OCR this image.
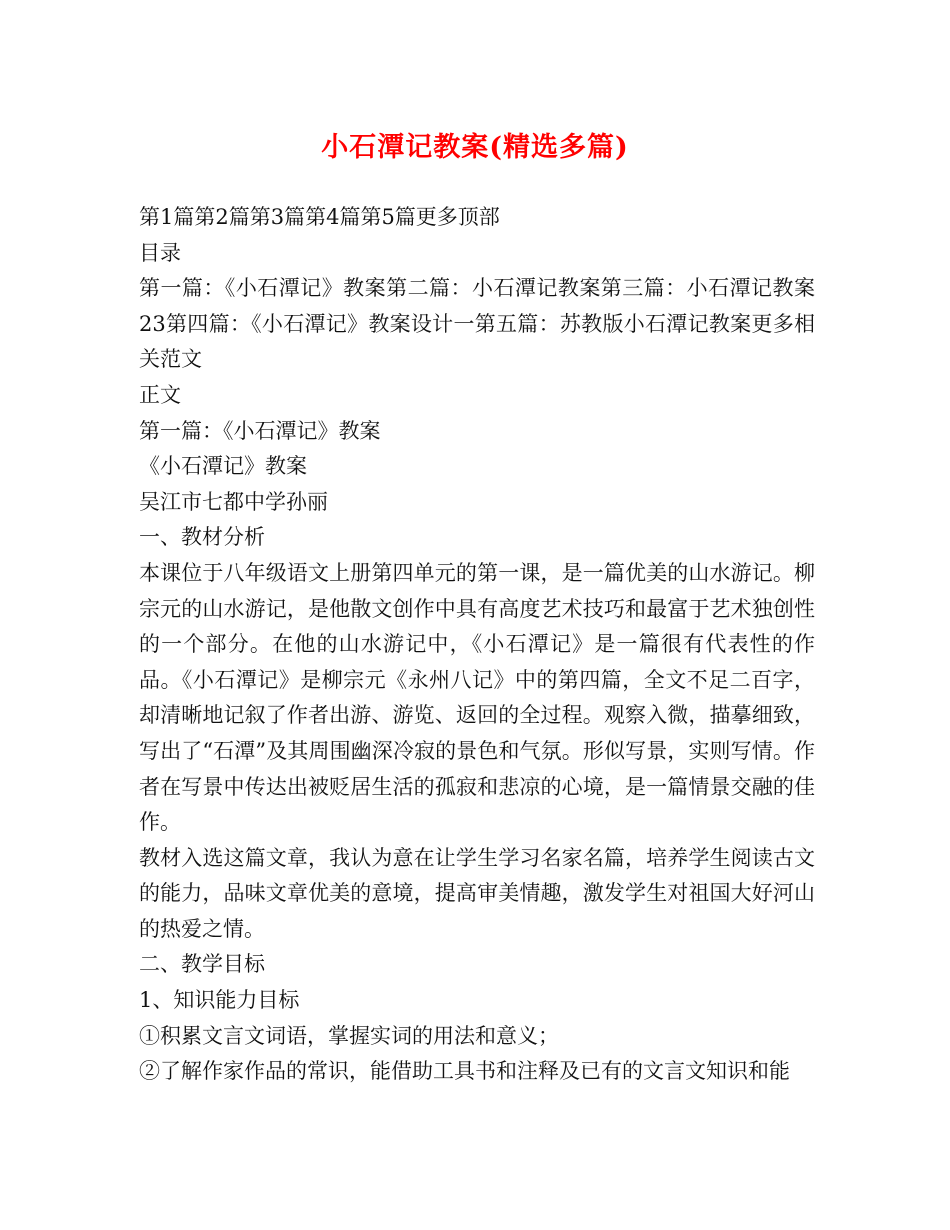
小石潭记教案(精选多篇)
第1篇第2篇第3篇第4篇第5篇更多顶部
目录
第一篇：《小石潭记》教案第二篇：小石潭记教案第三篇：小石潭记教案23第四篇：《小石潭记》教案设计一第五篇：苏教版小石潭记教案更多相关范文
正文
第一篇：《小石潭记》教案
《小石潭记》教案
吴江市七都中学孙丽
一、教材分析
本课位于八年级语文上册第四单元的第一课，是一篇优美的山水游记。柳宗元的山水游记，是他散文创作中具有高度艺术技巧和最富于艺术独创性的一个部分。在他的山水游记中，《小石潭记》是一篇很有代表性的作品。《小石潭记》是柳宗元《永州八记》中的第四篇，全文不足二百字，却清晰地记叙了作者出游、游览、返回的全过程。观察入微，描摹细致，写出了“石潭”及其周围幽深冷寂的景色和气氛。形似写景，实则写情。作者在写景中传达出被贬居生活的孤寂和悲凉的心境，是一篇情景交融的佳作。
教材入选这篇文章，我认为意在让学生学习名家名篇，培养学生阅读古文的能力，品味文章优美的意境，提高审美情趣，激发学生对祖国大好河山的热爱之情。
二、教学目标
1、知识能力目标
①积累文言文词语，掌握实词的用法和意义；
②了解作家作品的常识，能借助工具书和注释及已有的文言文知识和能
